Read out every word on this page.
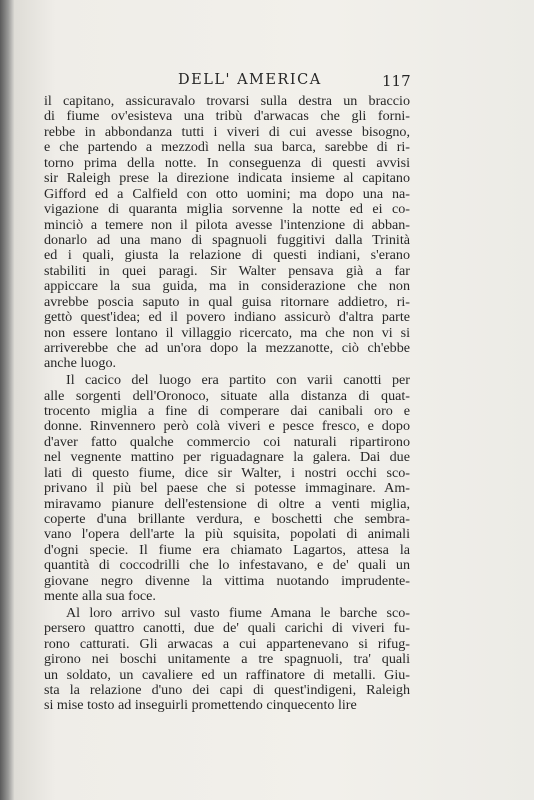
DELL' AMERICA	117
il capitano, assicuravalo trovarsi sulla destra un braccio
di fiume ov'esisteva una tribù d'arwacas che gli forni-
rebbe in abbondanza tutti i viveri di cui avesse bisogno,
e che partendo a mezzodì nella sua barca, sarebbe di ri-
torno prima della notte. In conseguenza di questi avvisi
sir Raleigh prese la direzione indicata insieme al capitano
Gifford ed a Calfield con otto uomini; ma dopo una na-
vigazione di quaranta miglia sorvenne la notte ed ei co-
minciò a temere non il pilota avesse l'intenzione di abban-
donarlo ad una mano di spagnuoli fuggitivi dalla Trinità
ed i quali, giusta la relazione di questi indiani, s'erano
stabiliti in quei paragi. Sir Walter pensava già a far
appiccare la sua guida, ma in considerazione che non
avrebbe poscia saputo in qual guisa ritornare addietro, ri-
gettò quest'idea; ed il povero indiano assicurò d'altra parte
non essere lontano il villaggio ricercato, ma che non vi si
arriverebbe che ad un'ora dopo la mezzanotte, ciò ch'ebbe
anche luogo.
Il cacico del luogo era partito con varii canotti per
alle sorgenti dell'Oronoco, situate alla distanza di quat-
trocento miglia a fine di comperare dai canibali oro e
donne. Rinvennero però colà viveri e pesce fresco, e dopo
d'aver fatto qualche commercio coi naturali ripartirono
nel vegnente mattino per riguadagnare la galera. Dai due
lati di questo fiume, dice sir Walter, i nostri occhi sco-
privano il più bel paese che si potesse immaginare. Am-
miravamo pianure dell'estensione di oltre a venti miglia,
coperte d'una brillante verdura, e boschetti che sembra-
vano l'opera dell'arte la più squisita, popolati di animali
d'ogni specie. Il fiume era chiamato Lagartos, attesa la
quantità di coccodrilli che lo infestavano, e de' quali un
giovane negro divenne la vittima nuotando imprudente-
mente alla sua foce.
Al loro arrivo sul vasto fiume Amana le barche sco-
persero quattro canotti, due de' quali carichi di viveri fu-
rono catturati. Gli arwacas a cui appartenevano si rifug-
girono nei boschi unitamente a tre spagnuoli, tra' quali
un soldato, un cavaliere ed un raffinatore di metalli. Giu-
sta la relazione d'uno dei capi di quest'indigeni, Raleigh
si mise tosto ad inseguirli promettendo cinquecento lire
